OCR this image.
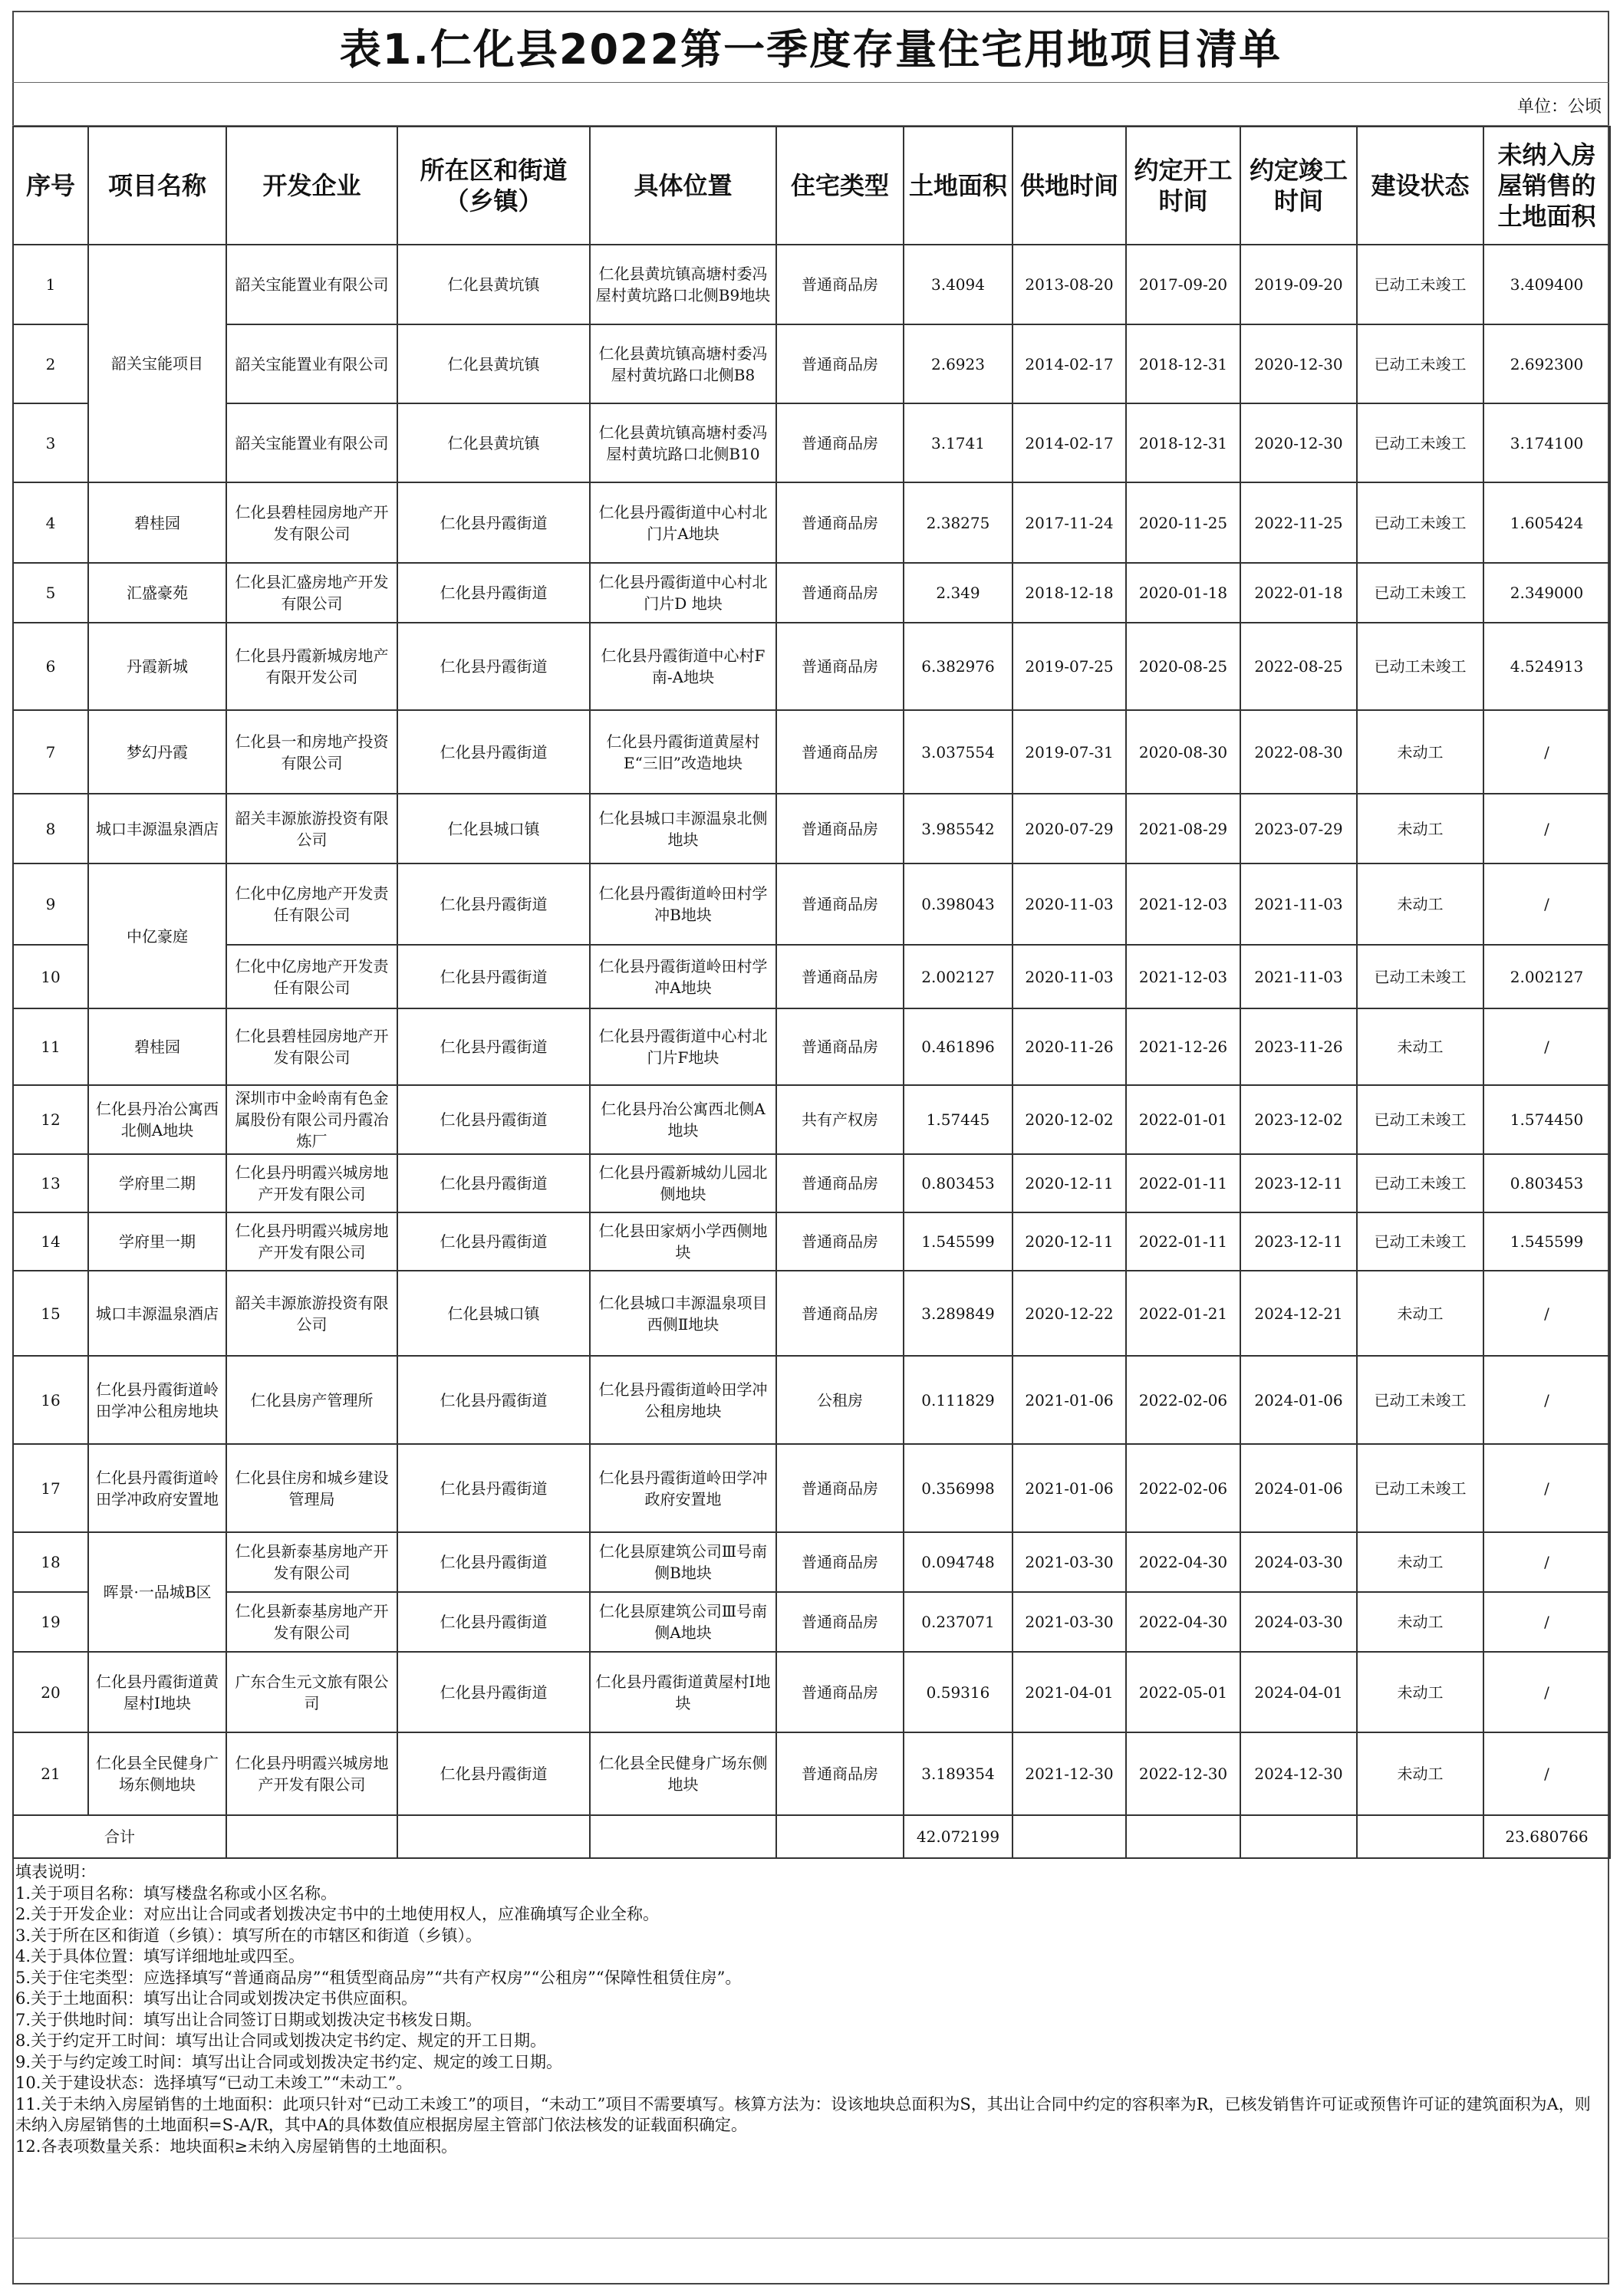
表1.仁化县2022第一季度存量住宅用地项目清单
单位：公顷
序号	项目名称	开发企业	所在区和街道（乡镇）	具体位置	住宅类型	土地面积	供地时间	约定开工时间	约定竣工时间	建设状态	未纳入房屋销售的土地面积
1	韶关宝能项目	韶关宝能置业有限公司	仁化县黄坑镇	仁化县黄坑镇高塘村委冯屋村黄坑路口北侧B9地块	普通商品房	3.4094	2013-08-20	2017-09-20	2019-09-20	已动工未竣工	3.409400
2		韶关宝能置业有限公司	仁化县黄坑镇	仁化县黄坑镇高塘村委冯屋村黄坑路口北侧B8	普通商品房	2.6923	2014-02-17	2018-12-31	2020-12-30	已动工未竣工	2.692300
3		韶关宝能置业有限公司	仁化县黄坑镇	仁化县黄坑镇高塘村委冯屋村黄坑路口北侧B10	普通商品房	3.1741	2014-02-17	2018-12-31	2020-12-30	已动工未竣工	3.174100
4	碧桂园	仁化县碧桂园房地产开发有限公司	仁化县丹霞街道	仁化县丹霞街道中心村北门片A地块	普通商品房	2.38275	2017-11-24	2020-11-25	2022-11-25	已动工未竣工	1.605424
5	汇盛豪苑	仁化县汇盛房地产开发有限公司	仁化县丹霞街道	仁化县丹霞街道中心村北门片D 地块	普通商品房	2.349	2018-12-18	2020-01-18	2022-01-18	已动工未竣工	2.349000
6	丹霞新城	仁化县丹霞新城房地产有限开发公司	仁化县丹霞街道	仁化县丹霞街道中心村F南-A地块	普通商品房	6.382976	2019-07-25	2020-08-25	2022-08-25	已动工未竣工	4.524913
7	梦幻丹霞	仁化县一和房地产投资有限公司	仁化县丹霞街道	仁化县丹霞街道黄屋村E“三旧”改造地块	普通商品房	3.037554	2019-07-31	2020-08-30	2022-08-30	未动工	/
8	城口丰源温泉酒店	韶关丰源旅游投资有限公司	仁化县城口镇	仁化县城口丰源温泉北侧地块	普通商品房	3.985542	2020-07-29	2021-08-29	2023-07-29	未动工	/
9	中亿豪庭	仁化中亿房地产开发责任有限公司	仁化县丹霞街道	仁化县丹霞街道岭田村学冲B地块	普通商品房	0.398043	2020-11-03	2021-12-03	2021-11-03	未动工	/
10		仁化中亿房地产开发责任有限公司	仁化县丹霞街道	仁化县丹霞街道岭田村学冲A地块	普通商品房	2.002127	2020-11-03	2021-12-03	2021-11-03	已动工未竣工	2.002127
11	碧桂园	仁化县碧桂园房地产开发有限公司	仁化县丹霞街道	仁化县丹霞街道中心村北门片F地块	普通商品房	0.461896	2020-11-26	2021-12-26	2023-11-26	未动工	/
12	仁化县丹冶公寓西北侧A地块	深圳市中金岭南有色金属股份有限公司丹霞冶炼厂	仁化县丹霞街道	仁化县丹冶公寓西北侧A地块	共有产权房	1.57445	2020-12-02	2022-01-01	2023-12-02	已动工未竣工	1.574450
13	学府里二期	仁化县丹明霞兴城房地产开发有限公司	仁化县丹霞街道	仁化县丹霞新城幼儿园北侧地块	普通商品房	0.803453	2020-12-11	2022-01-11	2023-12-11	已动工未竣工	0.803453
14	学府里一期	仁化县丹明霞兴城房地产开发有限公司	仁化县丹霞街道	仁化县田家炳小学西侧地块	普通商品房	1.545599	2020-12-11	2022-01-11	2023-12-11	已动工未竣工	1.545599
15	城口丰源温泉酒店	韶关丰源旅游投资有限公司	仁化县城口镇	仁化县城口丰源温泉项目西侧Ⅱ地块	普通商品房	3.289849	2020-12-22	2022-01-21	2024-12-21	未动工	/
16	仁化县丹霞街道岭田学冲公租房地块	仁化县房产管理所	仁化县丹霞街道	仁化县丹霞街道岭田学冲公租房地块	公租房	0.111829	2021-01-06	2022-02-06	2024-01-06	已动工未竣工	/
17	仁化县丹霞街道岭田学冲政府安置地	仁化县住房和城乡建设管理局	仁化县丹霞街道	仁化县丹霞街道岭田学冲政府安置地	普通商品房	0.356998	2021-01-06	2022-02-06	2024-01-06	已动工未竣工	/
18	晖景·一品城B区	仁化县新泰基房地产开发有限公司	仁化县丹霞街道	仁化县原建筑公司Ⅲ号南侧B地块	普通商品房	0.094748	2021-03-30	2022-04-30	2024-03-30	未动工	/
19		仁化县新泰基房地产开发有限公司	仁化县丹霞街道	仁化县原建筑公司Ⅲ号南侧A地块	普通商品房	0.237071	2021-03-30	2022-04-30	2024-03-30	未动工	/
20	仁化县丹霞街道黄屋村Ⅰ地块	广东合生元文旅有限公司	仁化县丹霞街道	仁化县丹霞街道黄屋村Ⅰ地块	普通商品房	0.59316	2021-04-01	2022-05-01	2024-04-01	未动工	/
21	仁化县全民健身广场东侧地块	仁化县丹明霞兴城房地产开发有限公司	仁化县丹霞街道	仁化县全民健身广场东侧地块	普通商品房	3.189354	2021-12-30	2022-12-30	2024-12-30	未动工	/
合计						42.072199					23.680766
填表说明：
1.关于项目名称：填写楼盘名称或小区名称。
2.关于开发企业：对应出让合同或者划拨决定书中的土地使用权人，应准确填写企业全称。
3.关于所在区和街道（乡镇）：填写所在的市辖区和街道（乡镇）。
4.关于具体位置：填写详细地址或四至。
5.关于住宅类型：应选择填写“普通商品房”“租赁型商品房”“共有产权房”“公租房”“保障性租赁住房”。
6.关于土地面积：填写出让合同或划拨决定书供应面积。
7.关于供地时间：填写出让合同签订日期或划拨决定书核发日期。
8.关于约定开工时间：填写出让合同或划拨决定书约定、规定的开工日期。
9.关于与约定竣工时间：填写出让合同或划拨决定书约定、规定的竣工日期。
10.关于建设状态：选择填写“已动工未竣工”“未动工”。
11.关于未纳入房屋销售的土地面积：此项只针对“已动工未竣工”的项目，“未动工”项目不需要填写。核算方法为：设该地块总面积为S，其出让合同中约定的容积率为R，已核发销售许可证或预售许可证的建筑面积为A，则未纳入房屋销售的土地面积=S-A/R，其中A的具体数值应根据房屋主管部门依法核发的证载面积确定。
12.各表项数量关系：地块面积≥未纳入房屋销售的土地面积。
